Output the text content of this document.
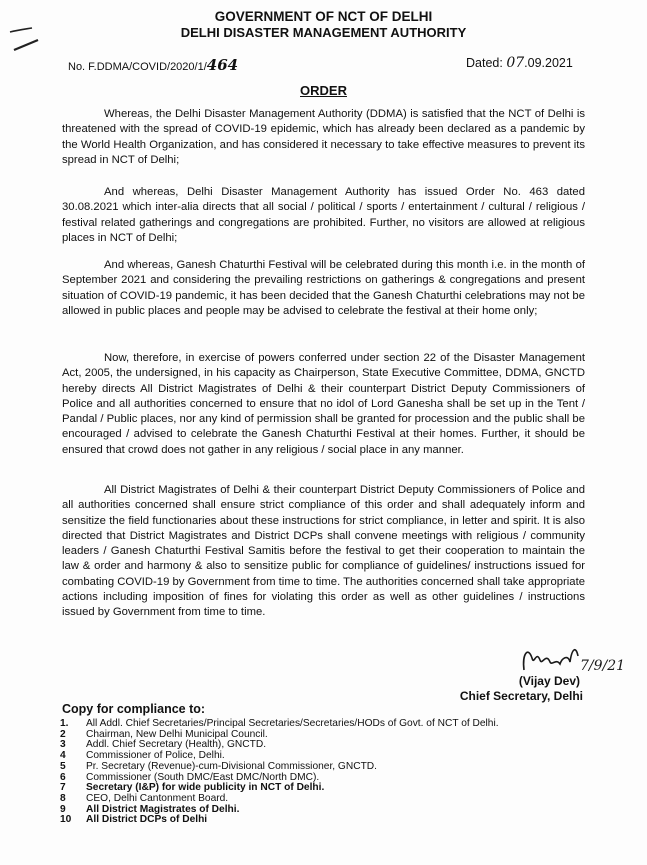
GOVERNMENT OF NCT OF DELHI
DELHI DISASTER MANAGEMENT AUTHORITY
No. F.DDMA/COVID/2020/1/464	Dated: 07.09.2021
ORDER

Whereas, the Delhi Disaster Management Authority (DDMA) is satisfied that the NCT of Delhi is threatened with the spread of COVID-19 epidemic, which has already been declared as a pandemic by the World Health Organization, and has considered it necessary to take effective measures to prevent its spread in NCT of Delhi;

And whereas, Delhi Disaster Management Authority has issued Order No. 463 dated 30.08.2021 which inter-alia directs that all social / political / sports / entertainment / cultural / religious / festival related gatherings and congregations are prohibited. Further, no visitors are allowed at religious places in NCT of Delhi;

And whereas, Ganesh Chaturthi Festival will be celebrated during this month i.e. in the month of September 2021 and considering the prevailing restrictions on gatherings & congregations and present situation of COVID-19 pandemic, it has been decided that the Ganesh Chaturthi celebrations may not be allowed in public places and people may be advised to celebrate the festival at their home only;

Now, therefore, in exercise of powers conferred under section 22 of the Disaster Management Act, 2005, the undersigned, in his capacity as Chairperson, State Executive Committee, DDMA, GNCTD hereby directs All District Magistrates of Delhi & their counterpart District Deputy Commissioners of Police and all authorities concerned to ensure that no idol of Lord Ganesha shall be set up in the Tent / Pandal / Public places, nor any kind of permission shall be granted for procession and the public shall be encouraged / advised to celebrate the Ganesh Chaturthi Festival at their homes. Further, it should be ensured that crowd does not gather in any religious / social place in any manner.

All District Magistrates of Delhi & their counterpart District Deputy Commissioners of Police and all authorities concerned shall ensure strict compliance of this order and shall adequately inform and sensitize the field functionaries about these instructions for strict compliance, in letter and spirit. It is also directed that District Magistrates and District DCPs shall convene meetings with religious / community leaders / Ganesh Chaturthi Festival Samitis before the festival to get their cooperation to maintain the law & order and harmony & also to sensitize public for compliance of guidelines/ instructions issued for combating COVID-19 by Government from time to time. The authorities concerned shall take appropriate actions including imposition of fines for violating this order as well as other guidelines / instructions issued by Government from time to time.

7/9/21
(Vijay Dev)
Chief Secretary, Delhi
Copy for compliance to:
1. All Addl. Chief Secretaries/Principal Secretaries/Secretaries/HODs of Govt. of NCT of Delhi.
2 Chairman, New Delhi Municipal Council.
3 Addl. Chief Secretary (Health), GNCTD.
4 Commissioner of Police, Delhi.
5 Pr. Secretary (Revenue)-cum-Divisional Commissioner, GNCTD.
6 Commissioner (South DMC/East DMC/North DMC).
7 Secretary (I&P) for wide publicity in NCT of Delhi.
8 CEO, Delhi Cantonment Board.
9 All District Magistrates of Delhi.
10 All District DCPs of Delhi
